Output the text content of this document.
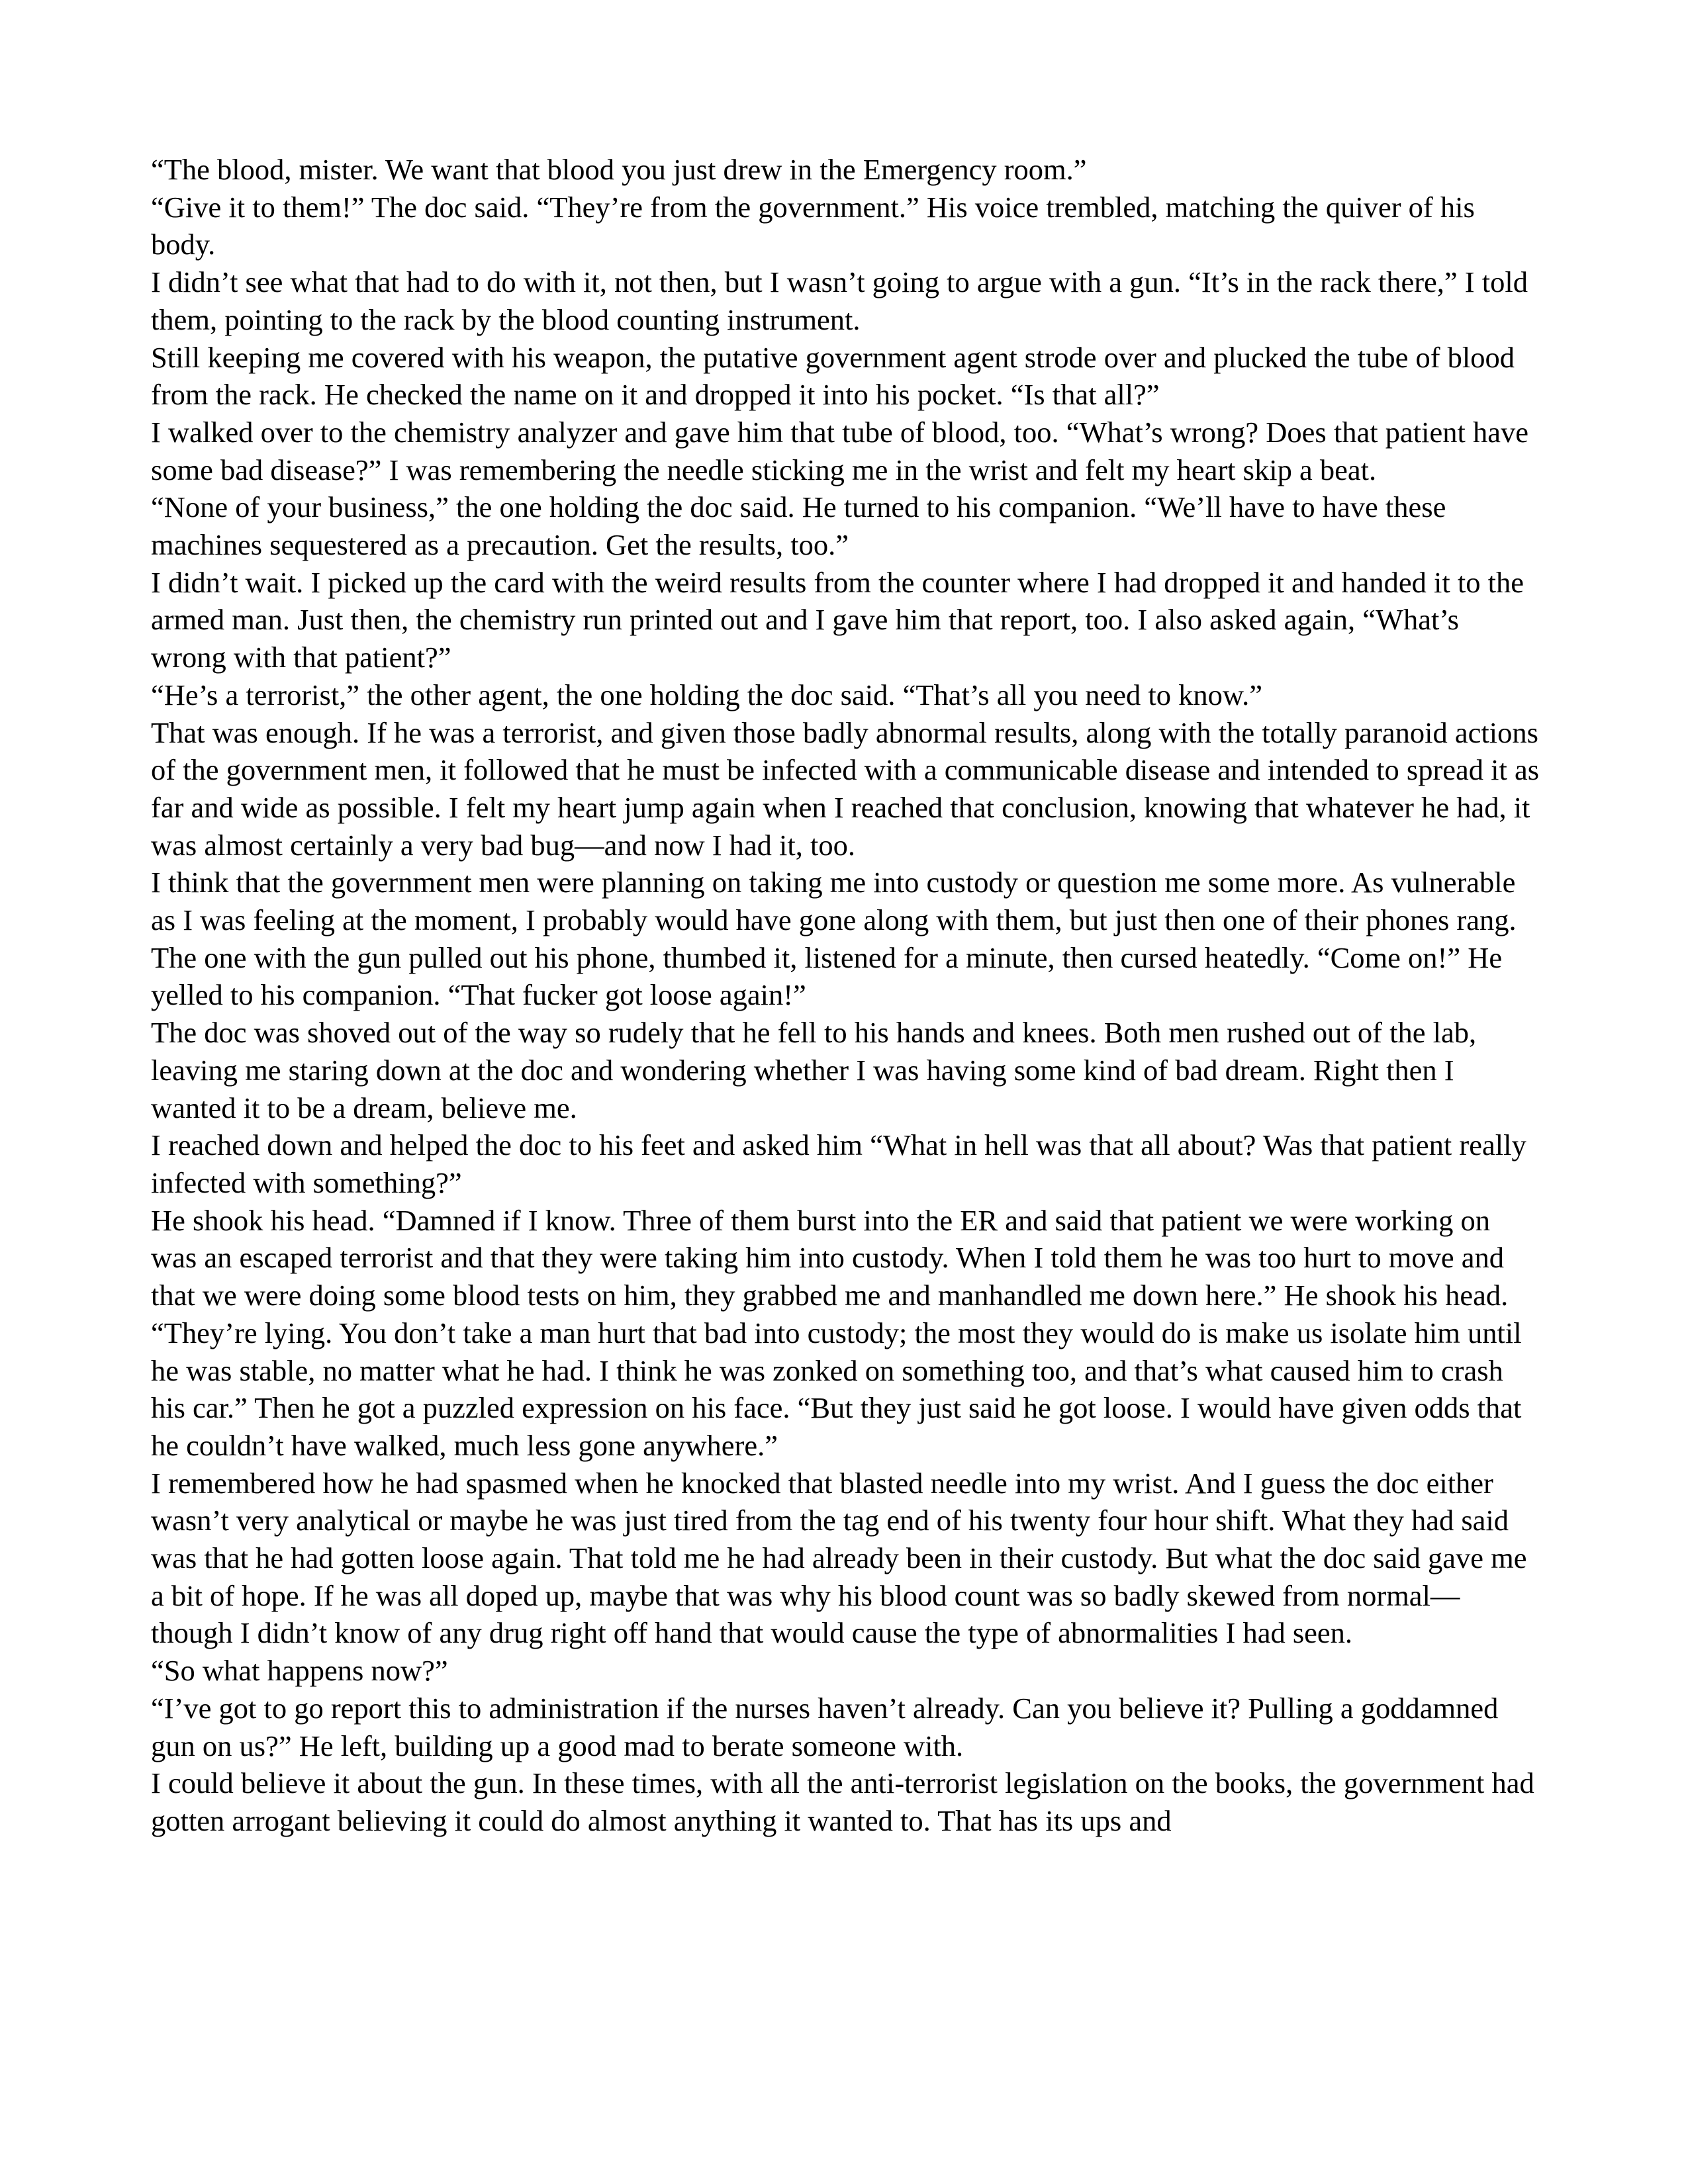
“The blood, mister. We want that blood you just drew in the Emergency room.”

“Give it to them!” The doc said. “They’re from the government.” His voice trembled, matching the quiver of his body.

I didn’t see what that had to do with it, not then, but I wasn’t going to argue with a gun. “It’s in the rack there,” I told them, pointing to the rack by the blood counting instrument.

Still keeping me covered with his weapon, the putative government agent strode over and plucked the tube of blood from the rack. He checked the name on it and dropped it into his pocket. “Is that all?”

I walked over to the chemistry analyzer and gave him that tube of blood, too. “What’s wrong? Does that patient have some bad disease?” I was remembering the needle sticking me in the wrist and felt my heart skip a beat.

“None of your business,” the one holding the doc said. He turned to his companion. “We’ll have to have these machines sequestered as a precaution. Get the results, too.”

I didn’t wait. I picked up the card with the weird results from the counter where I had dropped it and handed it to the armed man. Just then, the chemistry run printed out and I gave him that report, too. I also asked again, “What’s wrong with that patient?”

“He’s a terrorist,” the other agent, the one holding the doc said. “That’s all you need to know.”

That was enough. If he was a terrorist, and given those badly abnormal results, along with the totally paranoid actions of the government men, it followed that he must be infected with a communicable disease and intended to spread it as far and wide as possible. I felt my heart jump again when I reached that conclusion, knowing that whatever he had, it was almost certainly a very bad bug—and now I had it, too.

I think that the government men were planning on taking me into custody or question me some more. As vulnerable as I was feeling at the moment, I probably would have gone along with them, but just then one of their phones rang. The one with the gun pulled out his phone, thumbed it, listened for a minute, then cursed heatedly. “Come on!” He yelled to his companion. “That fucker got loose again!”

The doc was shoved out of the way so rudely that he fell to his hands and knees. Both men rushed out of the lab, leaving me staring down at the doc and wondering whether I was having some kind of bad dream. Right then I wanted it to be a dream, believe me.

I reached down and helped the doc to his feet and asked him “What in hell was that all about? Was that patient really infected with something?”

He shook his head. “Damned if I know. Three of them burst into the ER and said that patient we were working on was an escaped terrorist and that they were taking him into custody. When I told them he was too hurt to move and that we were doing some blood tests on him, they grabbed me and manhandled me down here.” He shook his head. “They’re lying. You don’t take a man hurt that bad into custody; the most they would do is make us isolate him until he was stable, no matter what he had. I think he was zonked on something too, and that’s what caused him to crash his car.” Then he got a puzzled expression on his face. “But they just said he got loose. I would have given odds that he couldn’t have walked, much less gone anywhere.”

I remembered how he had spasmed when he knocked that blasted needle into my wrist. And I guess the doc either wasn’t very analytical or maybe he was just tired from the tag end of his twenty four hour shift. What they had said was that he had gotten loose again. That told me he had already been in their custody. But what the doc said gave me a bit of hope. If he was all doped up, maybe that was why his blood count was so badly skewed from normal—though I didn’t know of any drug right off hand that would cause the type of abnormalities I had seen.

“So what happens now?”

“I’ve got to go report this to administration if the nurses haven’t already. Can you believe it? Pulling a goddamned gun on us?” He left, building up a good mad to berate someone with.

I could believe it about the gun. In these times, with all the anti-terrorist legislation on the books, the government had gotten arrogant believing it could do almost anything it wanted to. That has its ups and
